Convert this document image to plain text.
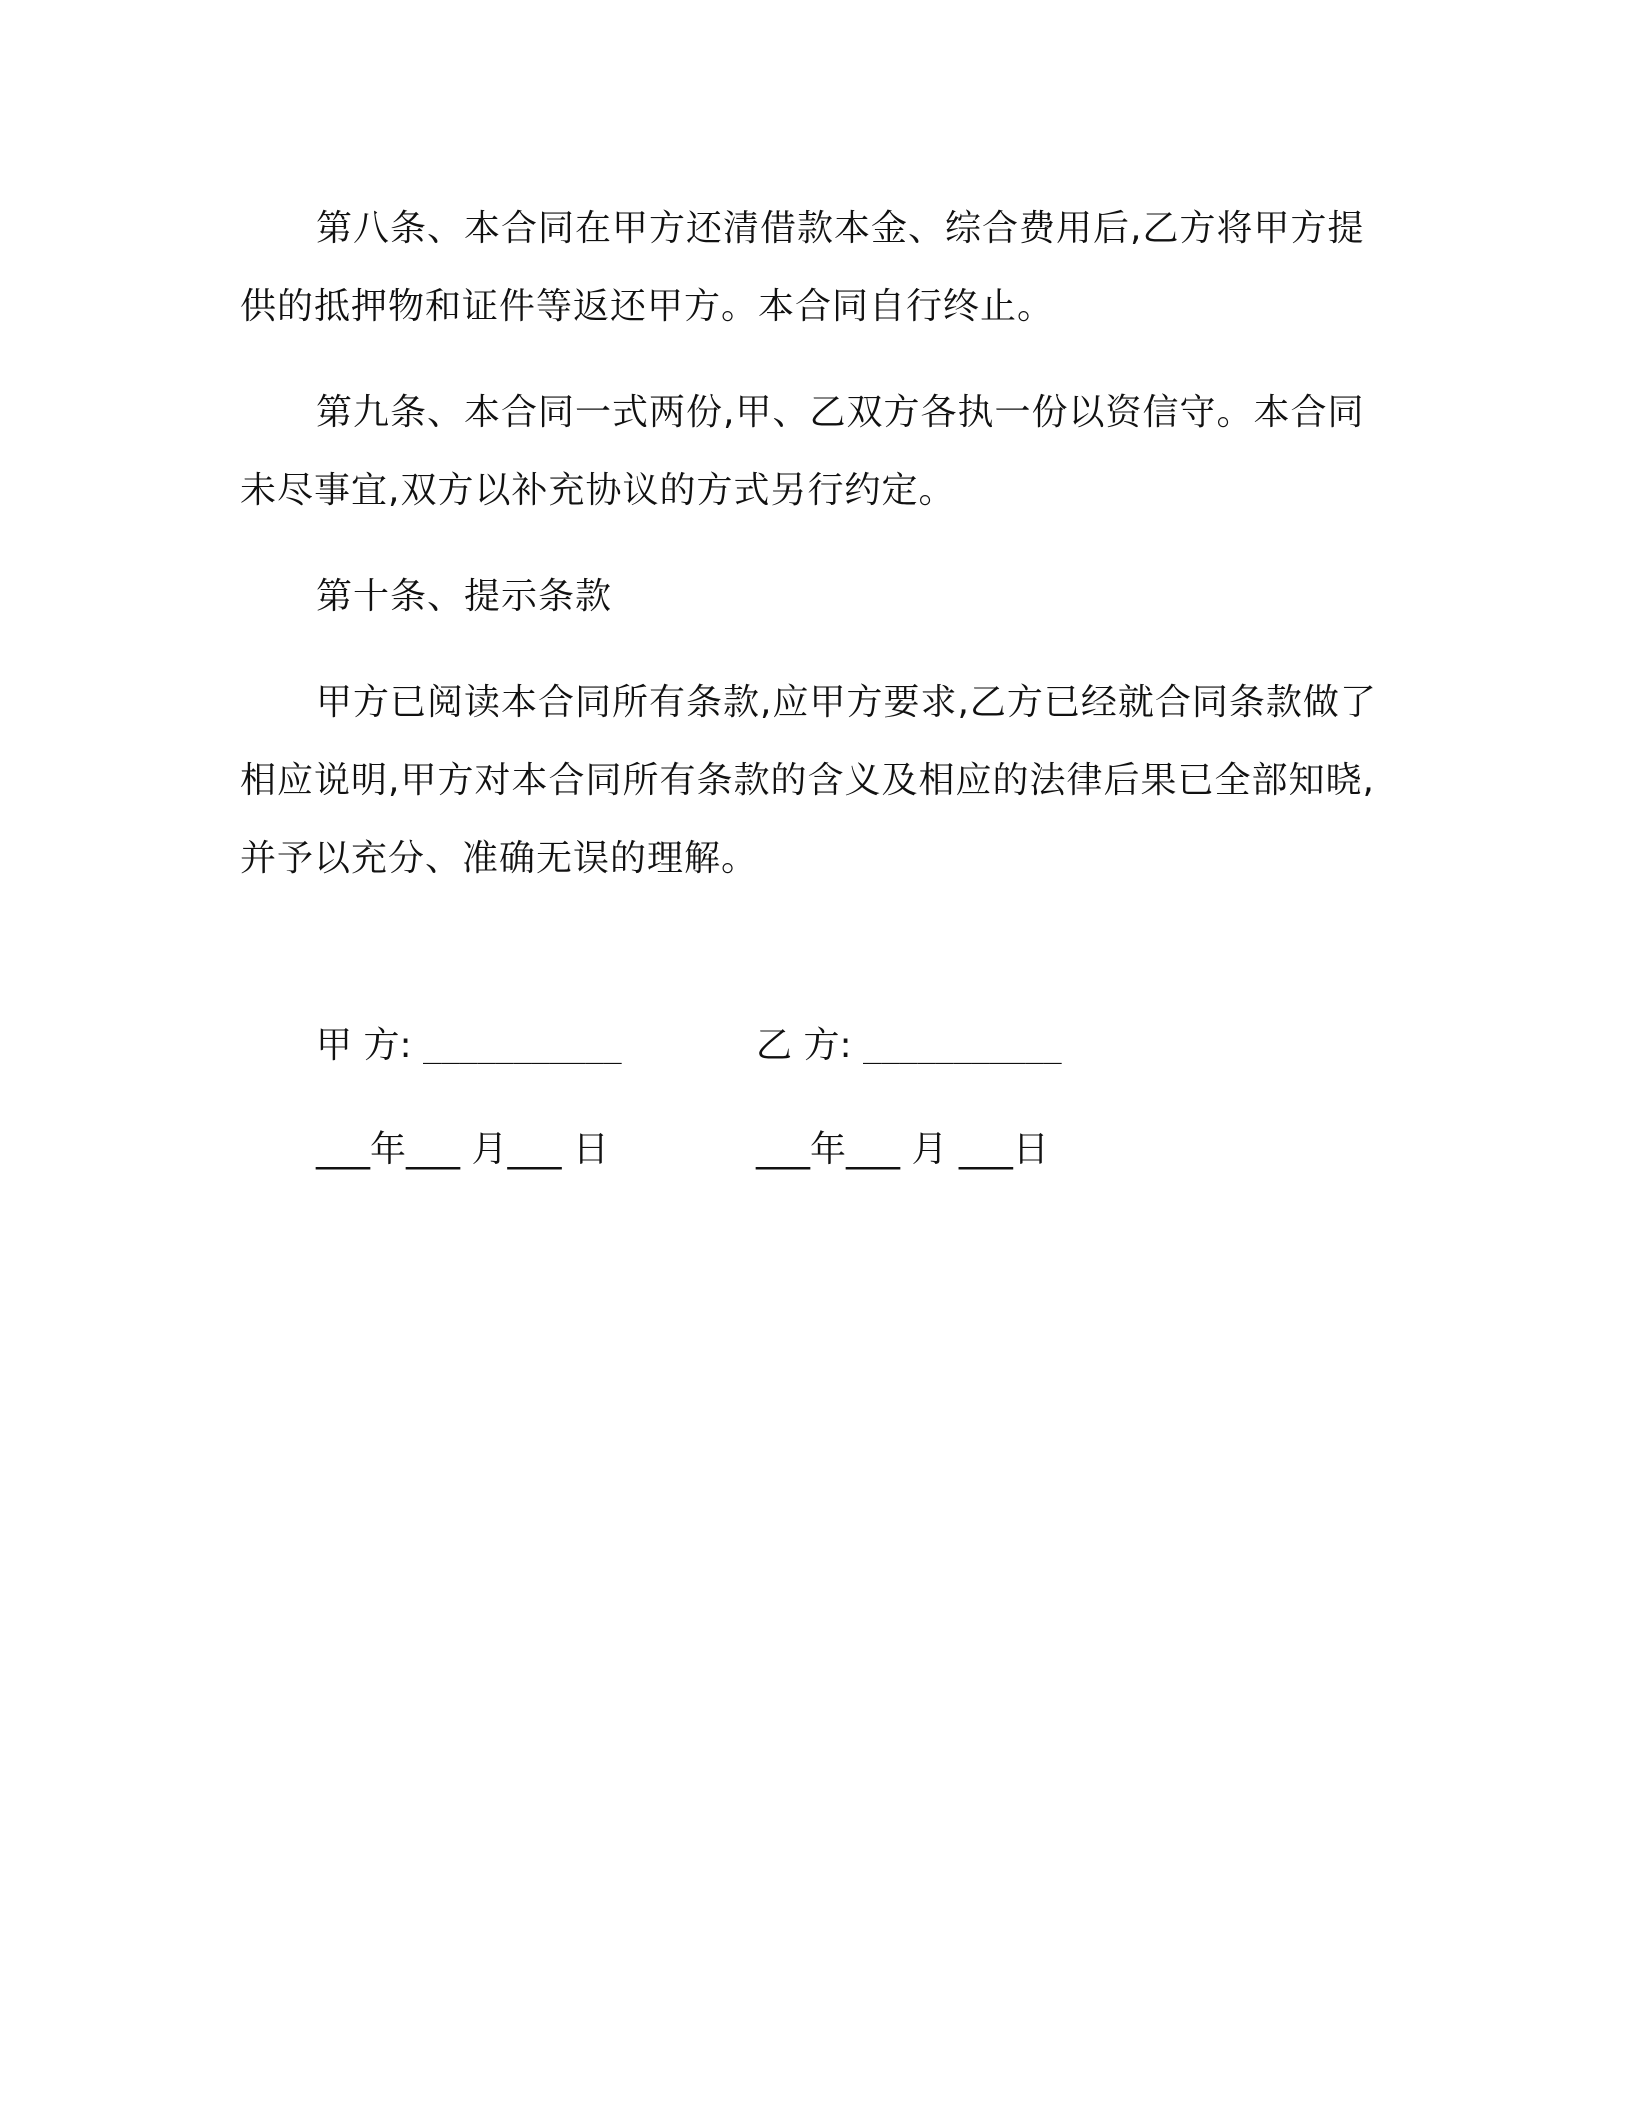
第八条、本合同在甲方还清借款本金、综合费用后,乙方将甲方提供的抵押物和证件等返还甲方。本合同自行终止。

第九条、本合同一式两份,甲、乙双方各执一份以资信守。本合同未尽事宜,双方以补充协议的方式另行约定。

第十条、提示条款

甲方已阅读本合同所有条款,应甲方要求,乙方已经就合同条款做了相应说明,甲方对本合同所有条款的含义及相应的法律后果已全部知晓,并予以充分、准确无误的理解。

甲 方: ___________	乙 方: ___________
___年___ 月___ 日	___年___ 月 ___日
